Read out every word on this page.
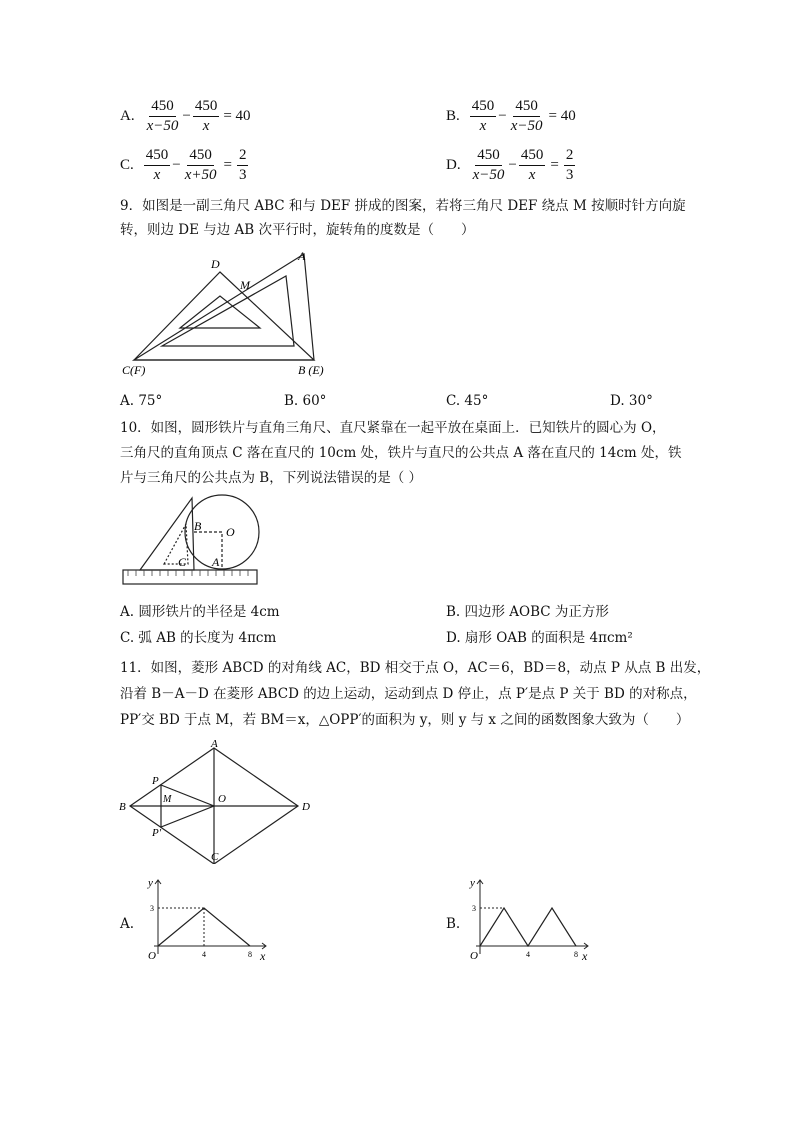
A. $\frac{450}{x-50} - \frac{450}{x} = 40$	B. $\frac{450}{x} - \frac{450}{x-50} = 40$
C. $\frac{450}{x} - \frac{450}{x+50} = \frac{2}{3}$	D. $\frac{450}{x-50} - \frac{450}{x} = \frac{2}{3}$
9．如图是一副三角尺 ABC 和与 DEF 拼成的图案，若将三角尺 DEF 绕点 M 按顺时针方向旋
转，则边 DE 与边 AB 次平行时，旋转角的度数是（　　）
D
M
A
C(F)	B (E)
A. 75°	B. 60°	C. 45°	D. 30°
10．如图，圆形铁片与直角三角尺、直尺紧靠在一起平放在桌面上．已知铁片的圆心为 O，
三角尺的直角顶点 C 落在直尺的 10cm 处，铁片与直尺的公共点 A 落在直尺的 14cm 处，铁
片与三角尺的公共点为 B，下列说法错误的是（ ）
B O
C A
A. 圆形铁片的半径是 4cm	B. 四边形 AOBC 为正方形
C. 弧 AB 的长度为 4πcm	D. 扇形 OAB 的面积是 4πcm²
11．如图，菱形 ABCD 的对角线 AC，BD 相交于点 O，AC＝6，BD＝8，动点 P 从点 B 出发，
沿着 B－A－D 在菱形 ABCD 的边上运动，运动到点 D 停止，点 P′是点 P 关于 BD 的对称点，
PP′交 BD 于点 M，若 BM＝x，△OPP′的面积为 y，则 y 与 x 之间的函数图象大致为（　　）
A
B	D
C
O
M
P
P′
A.
y
x
O
3
4	8
B.
y
x
O
3
4	8
